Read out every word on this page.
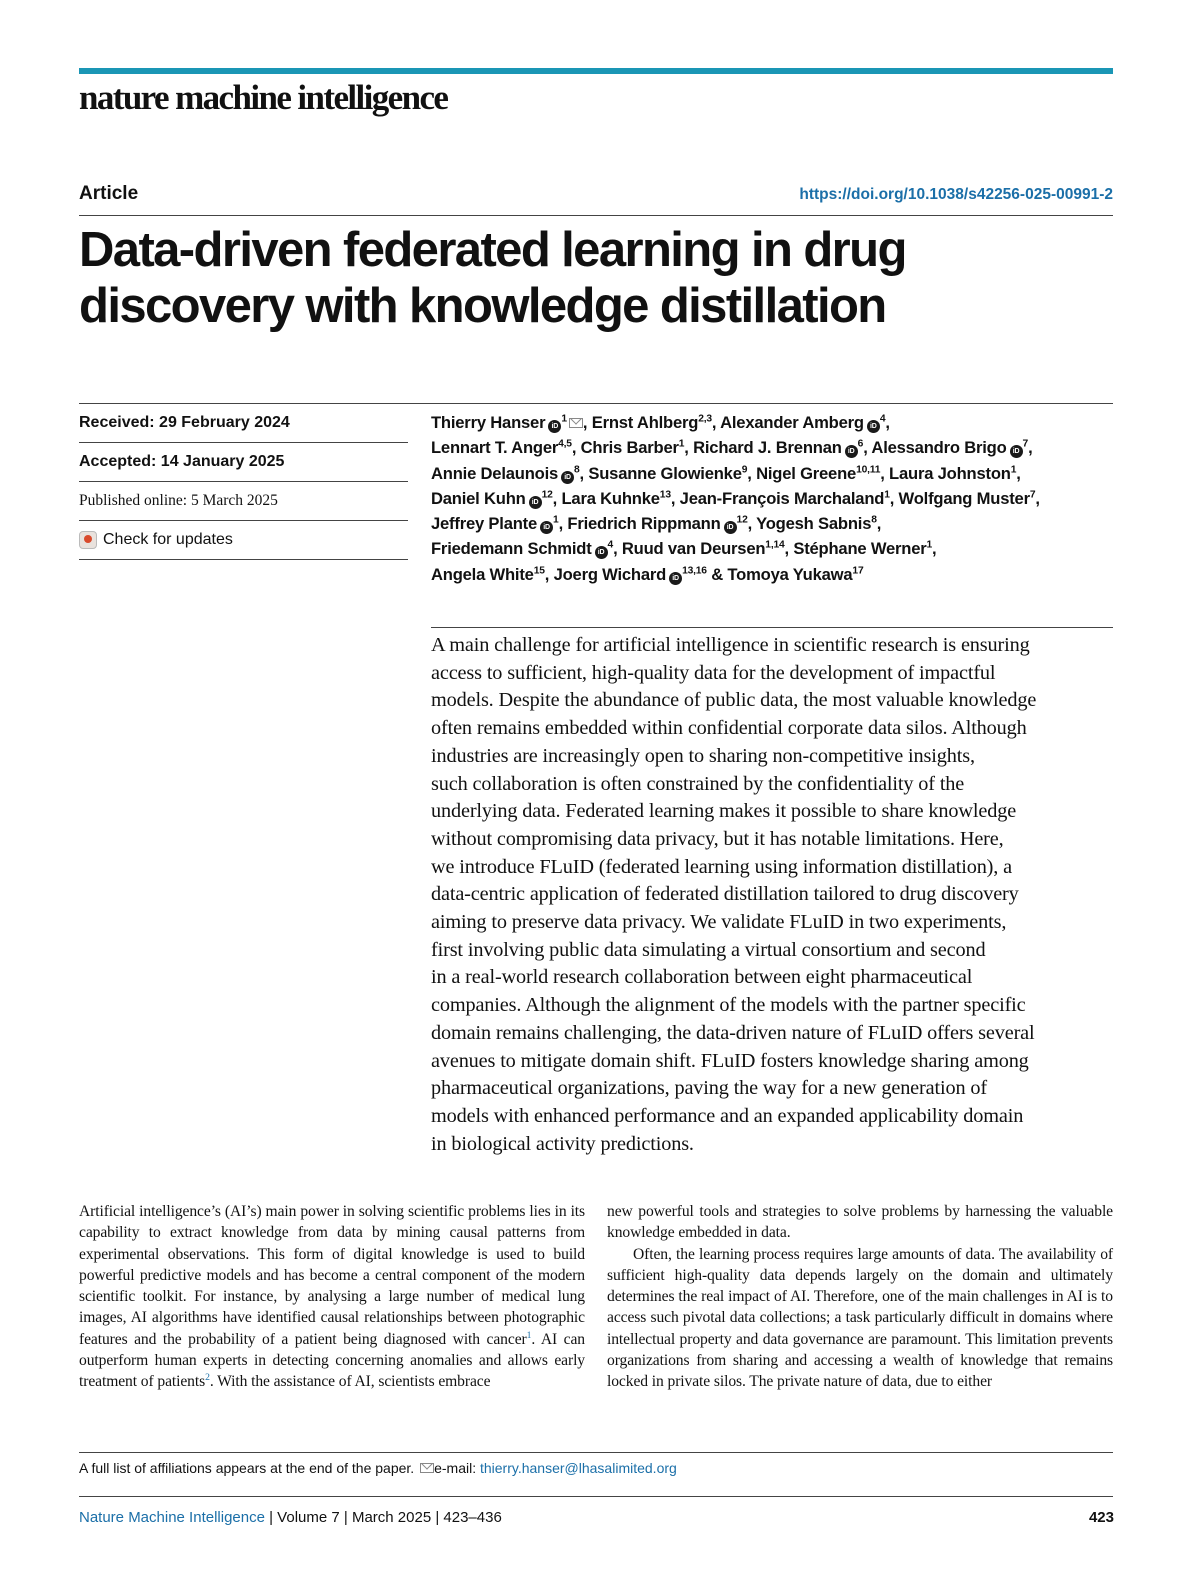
nature machine intelligence
Article	https://doi.org/10.1038/s42256-025-00991-2
Data-driven federated learning in drug
discovery with knowledge distillation
Received: 29 February 2024
Accepted: 14 January 2025
Published online: 5 March 2025
Check for updates
Thierry Hanser $iD^1$ , Ernst Ahlberg$^{2,3}$, Alexander Amberg $iD^4$,
Lennart T. Anger$^{4,5}$, Chris Barber$^1$, Richard J. Brennan $iD^6$, Alessandro Brigo $iD^7$,
Annie Delaunois $iD^8$, Susanne Glowienke$^9$, Nigel Greene$^{10,11}$, Laura Johnston$^1$,
Daniel Kuhn $iD^{12}$, Lara Kuhnke$^{13}$, Jean-François Marchaland$^1$, Wolfgang Muster$^7$,
Jeffrey Plante $iD^1$, Friedrich Rippmann $iD^{12}$, Yogesh Sabnis$^8$,
Friedemann Schmidt $iD^4$, Ruud van Deursen$^{1,14}$, Stéphane Werner$^1$,
Angela White$^{15}$, Joerg Wichard iD$^{13,16}$ & Tomoya Yukawa$^{17}$
A main challenge for artificial intelligence in scientific research is ensuring
access to sufficient, high-quality data for the development of impactful
models. Despite the abundance of public data, the most valuable knowledge
often remains embedded within confidential corporate data silos. Although
industries are increasingly open to sharing non-competitive insights,
such collaboration is often constrained by the confidentiality of the
underlying data. Federated learning makes it possible to share knowledge
without compromising data privacy, but it has notable limitations. Here,
we introduce FLuID (federated learning using information distillation), a
data-centric application of federated distillation tailored to drug discovery
aiming to preserve data privacy. We validate FLuID in two experiments,
first involving public data simulating a virtual consortium and second
in a real-world research collaboration between eight pharmaceutical
companies. Although the alignment of the models with the partner specific
domain remains challenging, the data-driven nature of FLuID offers several
avenues to mitigate domain shift. FLuID fosters knowledge sharing among
pharmaceutical organizations, paving the way for a new generation of
models with enhanced performance and an expanded applicability domain
in biological activity predictions.

Artificial intelligence’s (AI’s) main power in solving scientific problems lies in its capability to extract knowledge from data by mining causal patterns from experimental observations. This form of digital knowledge is used to build powerful predictive models and has become a central component of the modern scientific toolkit. For instance, by analysing a large number of medical lung images, AI algorithms have identified causal relationships between photographic features and the probability of a patient being diagnosed with cancer$^1$. AI can outperform human experts in detecting concerning anomalies and allows early treatment of patients$^2$. With the assistance of AI, scientists embrace

new powerful tools and strategies to solve problems by harnessing the valuable knowledge embedded in data.

Often, the learning process requires large amounts of data. The availability of sufficient high-quality data depends largely on the domain and ultimately determines the real impact of AI. Therefore, one of the main challenges in AI is to access such pivotal data collections; a task particularly difficult in domains where intellectual property and data governance are paramount. This limitation prevents organizations from sharing and accessing a wealth of knowledge that remains locked in private silos. The private nature of data, due to either

A full list of affiliations appears at the end of the paper. e-mail: thierry.hanser@lhasalimited.org
Nature Machine Intelligence | Volume 7 | March 2025 | 423–436	423
